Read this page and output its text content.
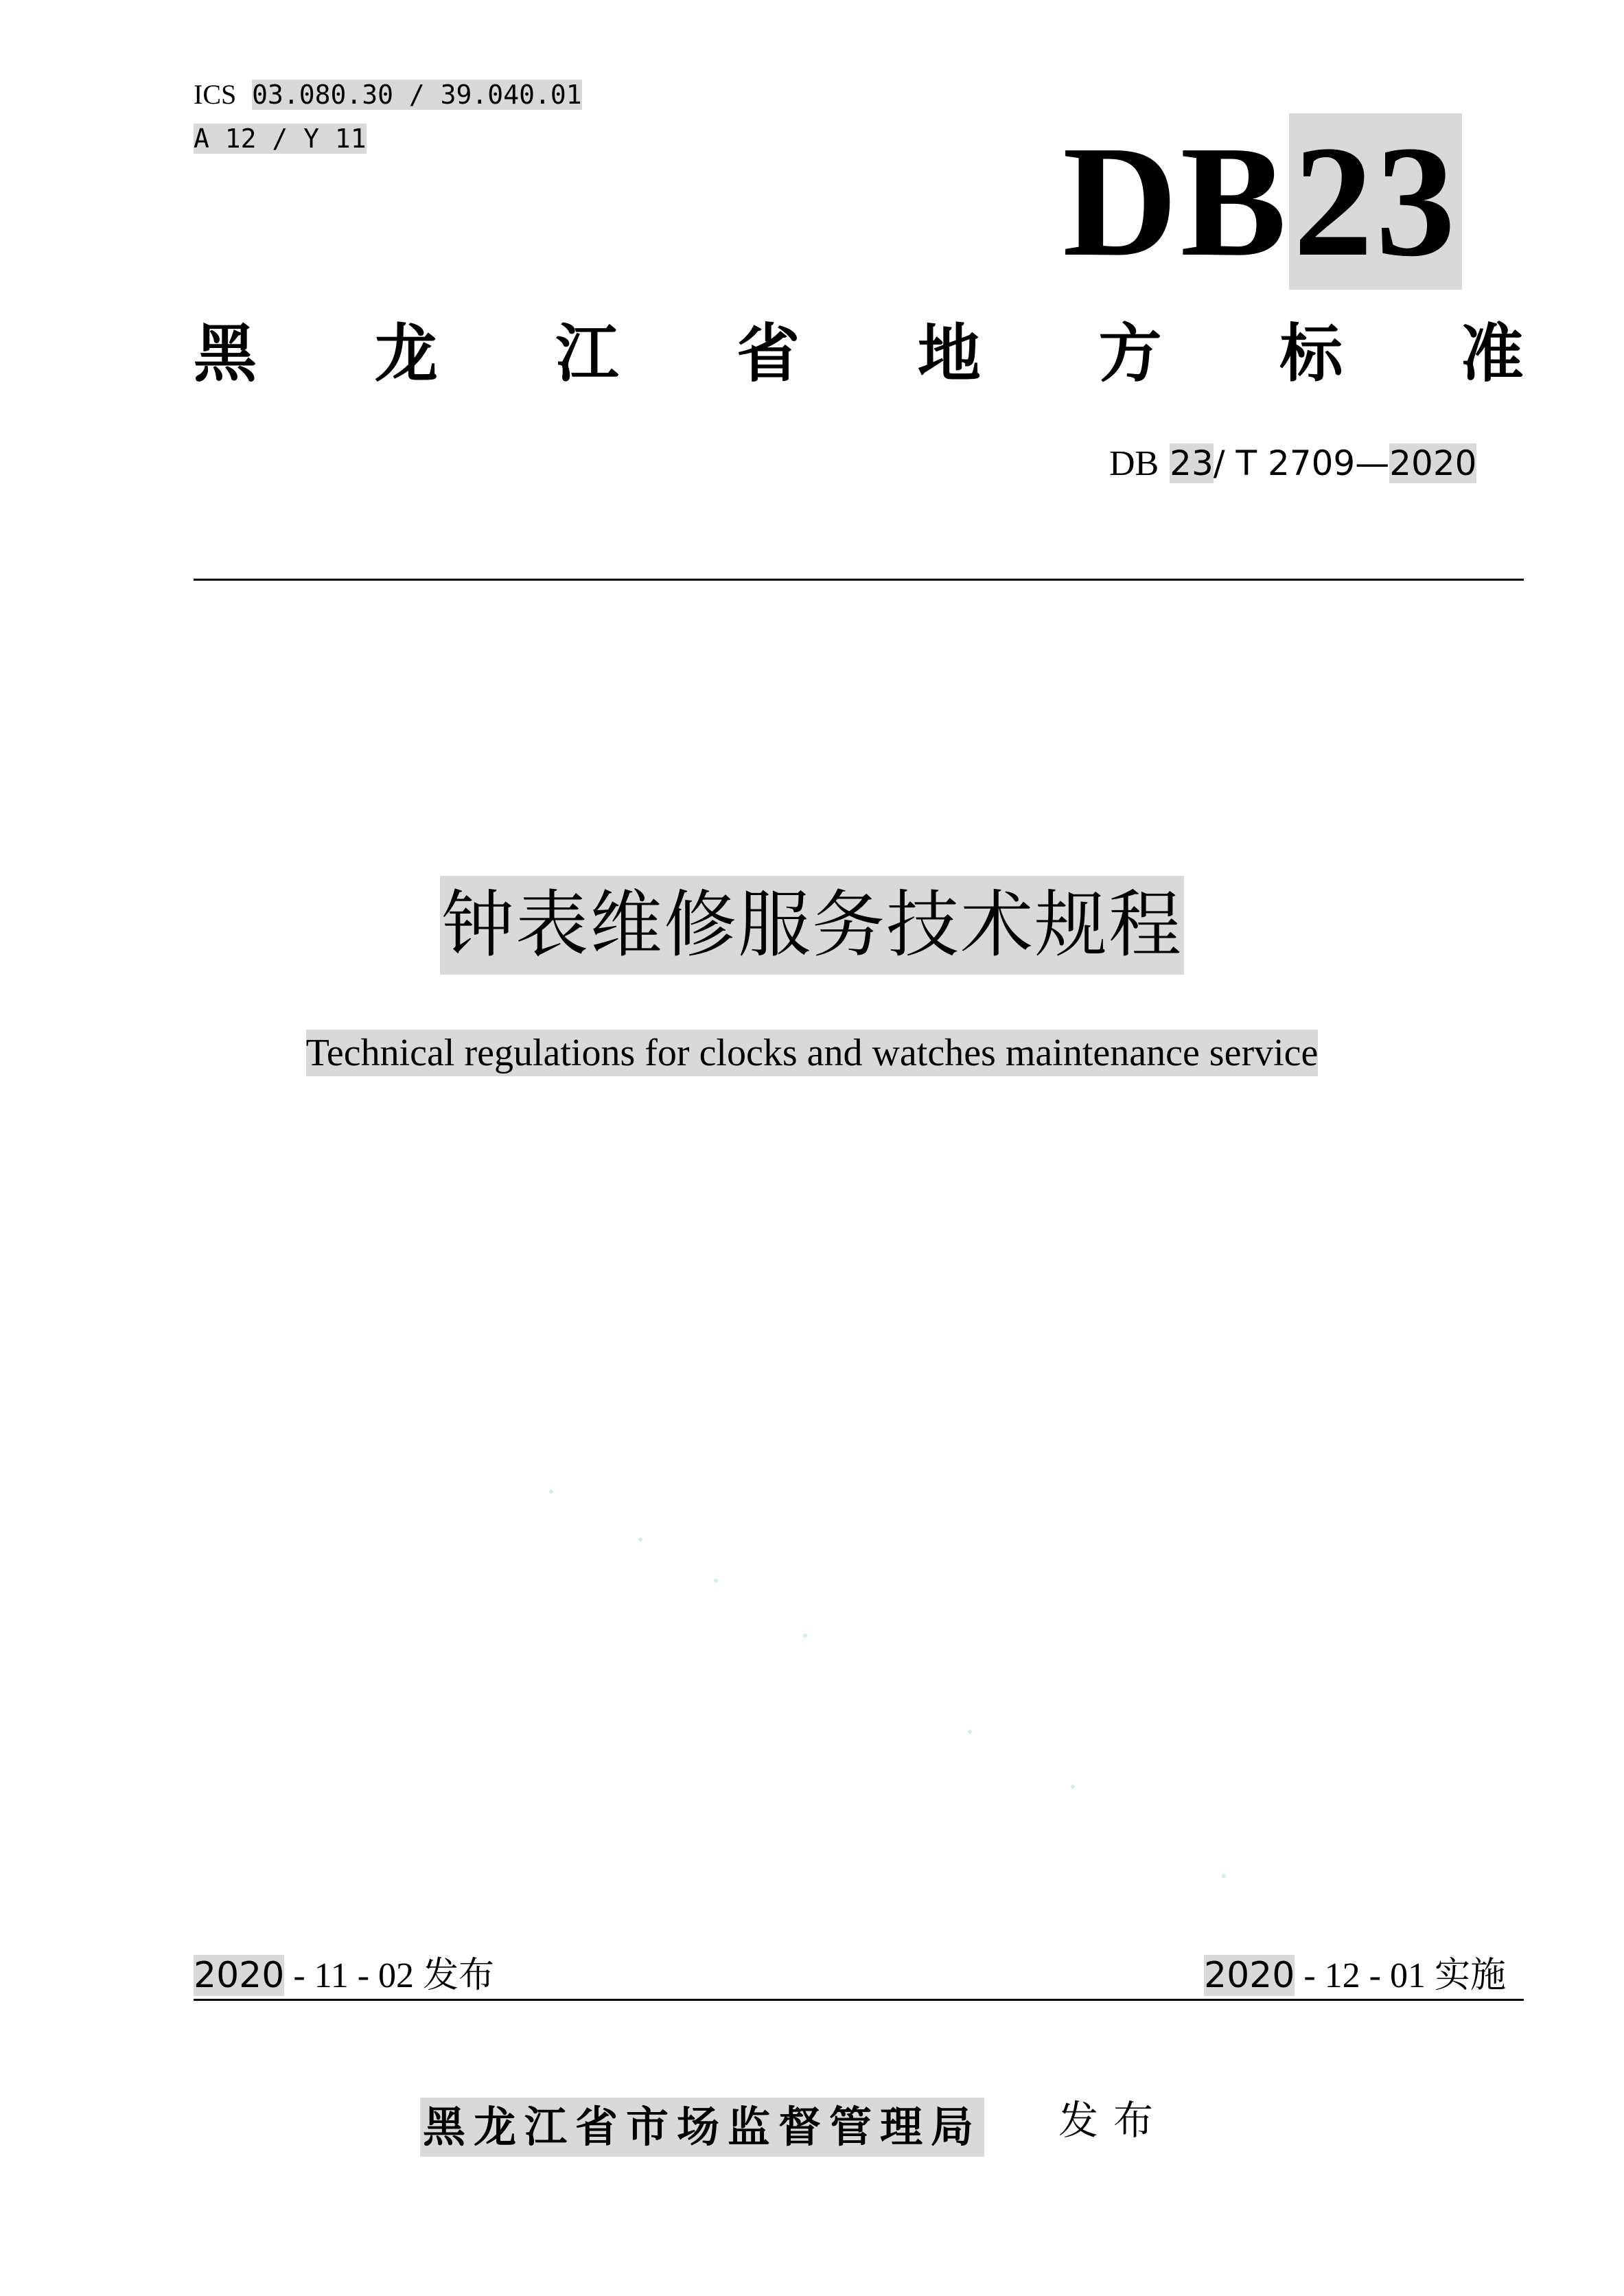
ICS 03.080.30 / 39.040.01
A 12 / Y 11	DB23
黑 龙 江 省 地 方 标 准
DB 23/ T 2709—2020
钟表维修服务技术规程
Technical regulations for clocks and watches maintenance service
2020 - 11 - 02 发布	2020 - 12 - 01 实施
黑龙江省市场监督管理局 发布
